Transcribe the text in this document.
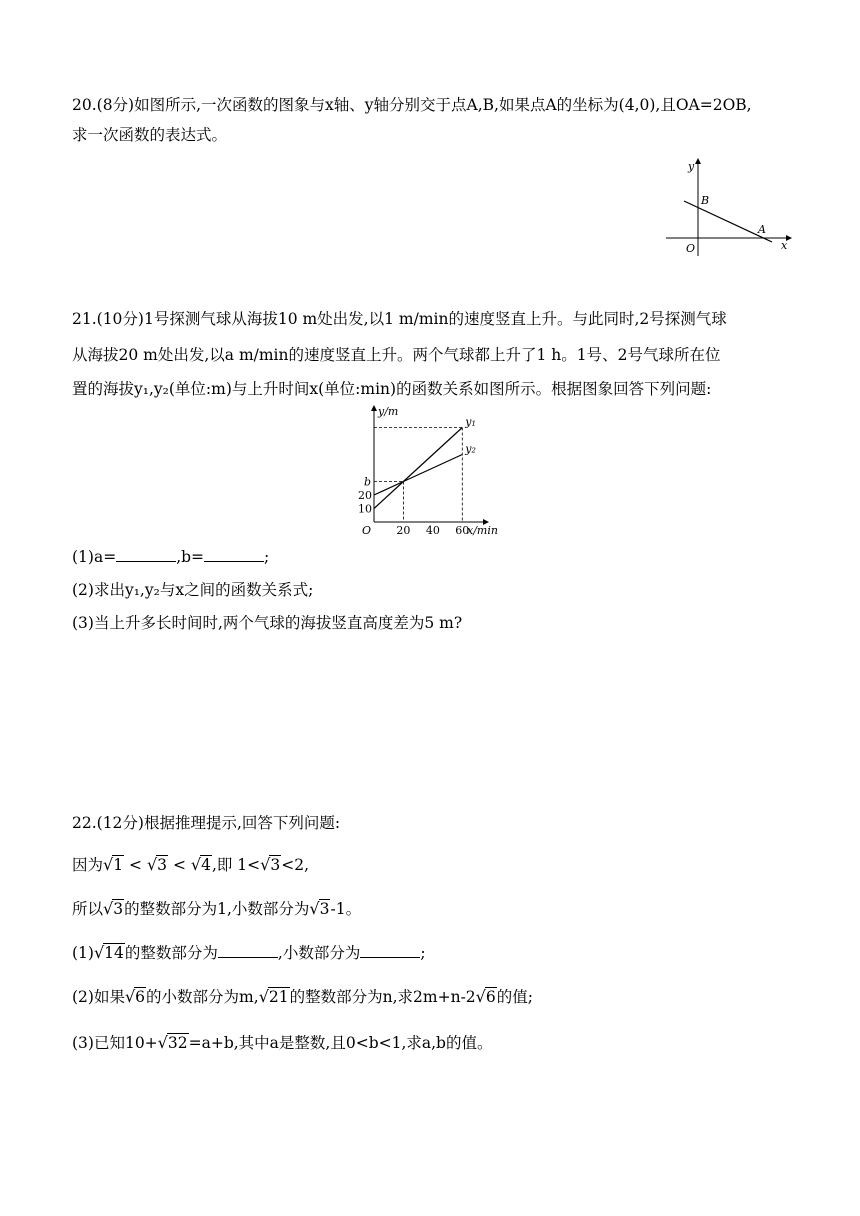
20.(8分)如图所示,一次函数的图象与x轴、y轴分别交于点A,B,如果点A的坐标为(4,0),且OA=2OB,
求一次函数的表达式。
y
x
O
B
A
21.(10分)1号探测气球从海拔10 m处出发,以1 m/min的速度竖直上升。与此同时,2号探测气球
从海拔20 m处出发,以a m/min的速度竖直上升。两个气球都上升了1 h。1号、2号气球所在位
置的海拔y₁,y₂(单位:m)与上升时间x(单位:min)的函数关系如图所示。根据图象回答下列问题:
y₁
y₂
y/m
x/min
O 20 40 60
10
20
b
(1)a=	,b=	;
(2)求出y₁,y₂与x之间的函数关系式;
(3)当上升多长时间时,两个气球的海拔竖直高度差为5 m?
22.(12分)根据推理提示,回答下列问题:
因为√1 < √3 < √4,即 1<√3<2,
所以√3的整数部分为1,小数部分为√3-1。
(1)√14的整数部分为	,小数部分为	;
(2)如果√6的小数部分为m,√21的整数部分为n,求2m+n-2√6的值;
(3)已知10+√32=a+b,其中a是整数,且0<b<1,求a,b的值。
